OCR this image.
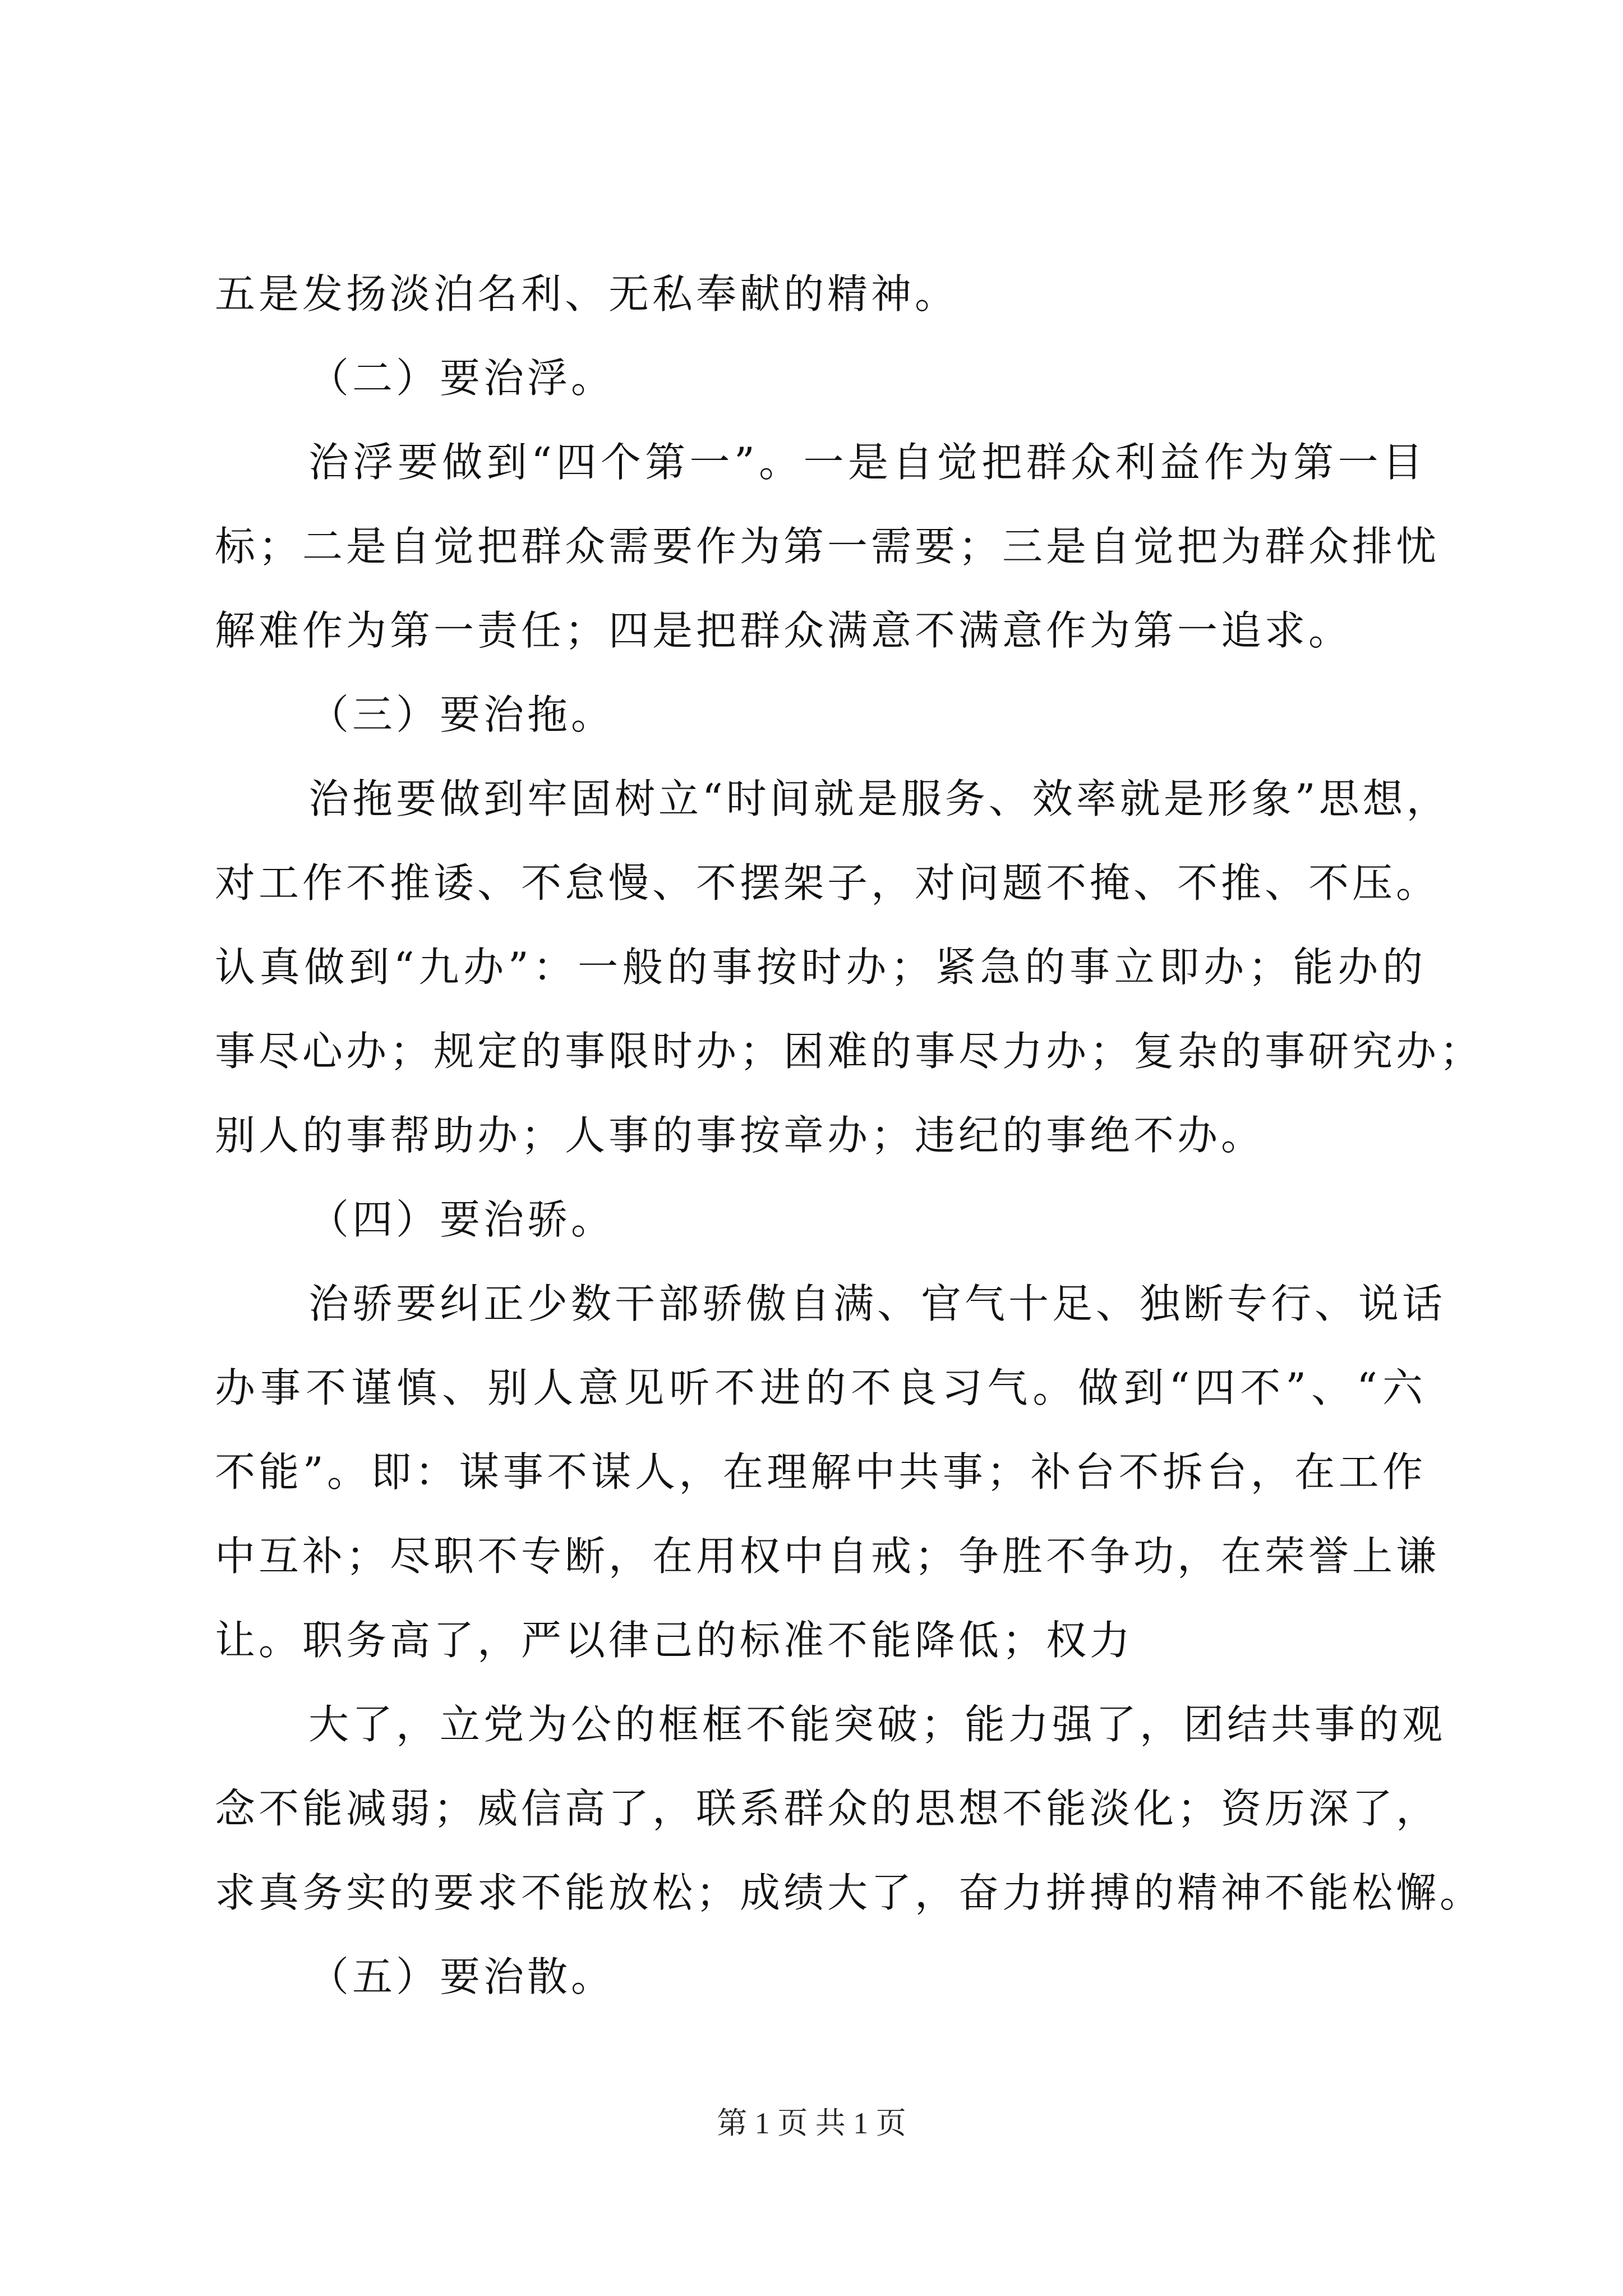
五是发扬淡泊名利、无私奉献的精神。
（二）要治浮。
治浮要做到“四个第一”。一是自觉把群众利益作为第一目
标；二是自觉把群众需要作为第一需要；三是自觉把为群众排忧
解难作为第一责任；四是把群众满意不满意作为第一追求。
（三）要治拖。
治拖要做到牢固树立“时间就是服务、效率就是形象”思想，
对工作不推诿、不怠慢、不摆架子，对问题不掩、不推、不压。
认真做到“九办”：一般的事按时办；紧急的事立即办；能办的
事尽心办；规定的事限时办；困难的事尽力办；复杂的事研究办；
别人的事帮助办；人事的事按章办；违纪的事绝不办。
（四）要治骄。
治骄要纠正少数干部骄傲自满、官气十足、独断专行、说话
办事不谨慎、别人意见听不进的不良习气。做到“四不”、“六
不能”。即：谋事不谋人，在理解中共事；补台不拆台，在工作
中互补；尽职不专断，在用权中自戒；争胜不争功，在荣誉上谦
让。职务高了，严以律己的标准不能降低；权力
大了，立党为公的框框不能突破；能力强了，团结共事的观
念不能减弱；威信高了，联系群众的思想不能淡化；资历深了，
求真务实的要求不能放松；成绩大了，奋力拼搏的精神不能松懈。
（五）要治散。
第 1 页 共 1 页
